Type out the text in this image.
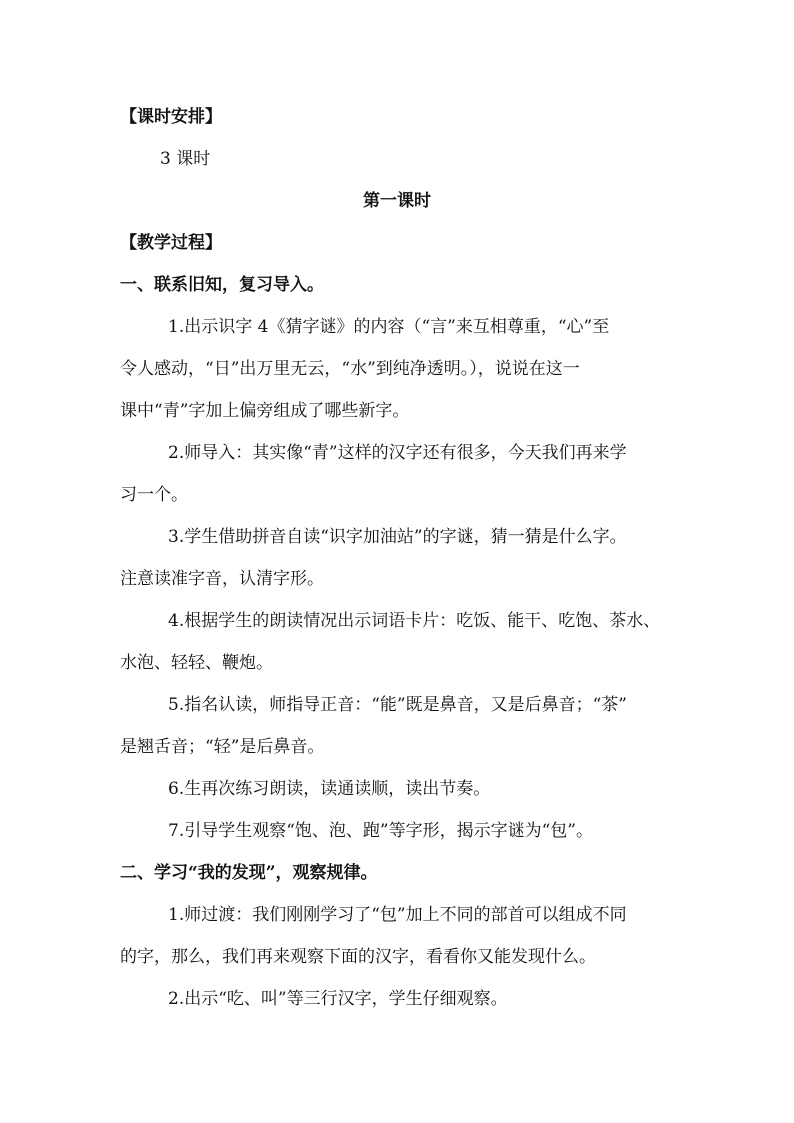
【课时安排】
3 课时
第一课时
【教学过程】
一、联系旧知，复习导入。
1.出示识字 4《猜字谜》的内容（“言”来互相尊重，“心”至
令人感动，“日”出万里无云，“水”到纯净透明。），说说在这一
课中“青”字加上偏旁组成了哪些新字。
2.师导入：其实像“青”这样的汉字还有很多，今天我们再来学
习一个。
3.学生借助拼音自读“识字加油站”的字谜，猜一猜是什么字。
注意读准字音，认清字形。
4.根据学生的朗读情况出示词语卡片：吃饭、能干、吃饱、茶水、
水泡、轻轻、鞭炮。
5.指名认读，师指导正音：“能”既是鼻音，又是后鼻音；“茶”
是翘舌音；“轻”是后鼻音。
6.生再次练习朗读，读通读顺，读出节奏。
7.引导学生观察“饱、泡、跑”等字形，揭示字谜为“包”。
二、学习“我的发现”，观察规律。
1.师过渡：我们刚刚学习了“包”加上不同的部首可以组成不同
的字，那么，我们再来观察下面的汉字，看看你又能发现什么。
2.出示“吃、叫”等三行汉字，学生仔细观察。
